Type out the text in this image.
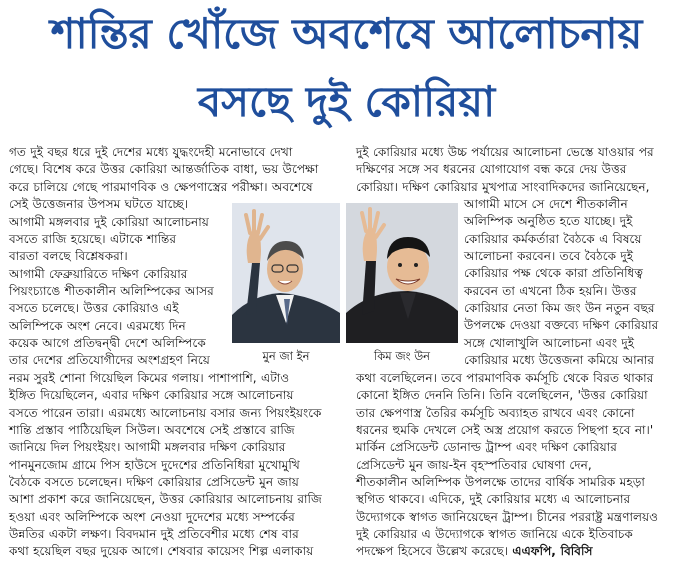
শান্তির খোঁজে অবশেষে আলোচনায়
বসছে দুই কোরিয়া

গত দুই বছর ধরে দুই দেশের মধ্যে যুদ্ধংদেহী মনোভাবে দেখা

গেছে। বিশেষ করে উত্তর কোরিয়া আন্তর্জাতিক বাধা, ভয় উপেক্ষা

করে চালিয়ে গেছে পারমাণবিক ও ক্ষেপণাস্ত্রের পরীক্ষা। অবশেষে

সেই উত্তেজনার উপসম ঘটতে যাচ্ছে।

আগামী মঙ্গলবার দুই কোরিয়া আলোচনায়

বসতে রাজি হয়েছে। এটাকে শান্তির

বারতা বলছে বিশ্লেষকরা।

আগামী ফেব্রুয়ারিতে দক্ষিণ কোরিয়ার

পিয়ংচ্যাঙে শীতকালীন অলিম্পিকের আসর

বসতে চলেছে। উত্তর কোরিয়াও এই

অলিম্পিকে অংশ নেবে। এরমধ্যে দিন

কয়েক আগে প্রতিদ্বন্দ্বী দেশে অলিম্পিকে

তার দেশের প্রতিযোগীদের অংশগ্রহণ নিয়ে

নরম সুরই শোনা গিয়েছিল কিমের গলায়। পাশাপাশি, এটাও

ইঙ্গিত দিয়েছিলেন, এবার দক্ষিণ কোরিয়ার সঙ্গে আলোচনায়

বসতে পারেন তারা। এরমধ্যে আলোচনায় বসার জন্য পিয়ংইয়ংকে

শান্তি প্রস্তাব পাঠিয়েছিল সিউল। অবশেষে সেই প্রস্তাবে রাজি

জানিয়ে দিল পিয়ংইয়ং। আগামী মঙ্গলবার দক্ষিণ কোরিয়ার

পানমুনজোম গ্রামে পিস হাউসে দুদেশের প্রতিনিধিরা মুখোমুখি

বৈঠকে বসতে চলেছেন। দক্ষিণ কোরিয়ার প্রেসিডেন্ট মুন জায়

আশা প্রকাশ করে জানিয়েছেন, উত্তর কোরিয়ার আলোচনায় রাজি

হওয়া এবং অলিম্পিকে অংশ নেওয়া দুদেশের মধ্যে সম্পর্কের

উন্নতির একটা লক্ষণ। বিবদমান দুই প্রতিবেশীর মধ্যে শেষ বার

কথা হয়েছিল বছর দুয়েক আগে। শেষবার কায়েসং শিল্প এলাকায়

মুন জা ইন	কিম জং উন

দুই কোরিয়ার মধ্যে উচ্চ পর্যায়ের আলোচনা ভেস্তে যাওয়ার পর

দক্ষিণের সঙ্গে সব ধরনের যোগাযোগ বন্ধ করে দেয় উত্তর

কোরিয়া। দক্ষিণ কোরিয়ার মুখপাত্র সাংবাদিকদের জানিয়েছেন,

আগামী মাসে সে দেশে শীতকালীন

অলিম্পিক অনুষ্ঠিত হতে যাচ্ছে। দুই

কোরিয়ার কর্মকর্তারা বৈঠকে এ বিষয়ে

আলোচনা করবেন। তবে বৈঠকে দুই

কোরিয়ার পক্ষ থেকে কারা প্রতিনিধিত্ব

করবেন তা এখনো ঠিক হয়নি। উত্তর

কোরিয়ার নেতা কিম জং উন নতুন বছর

উপলক্ষে দেওয়া বক্তব্যে দক্ষিণ কোরিয়ার

সঙ্গে খোলাখুলি আলোচনা এবং দুই

কোরিয়ার মধ্যে উত্তেজনা কমিয়ে আনার

কথা বলেছিলেন। তবে পারমাণবিক কর্মসূচি থেকে বিরত থাকার

কোনো ইঙ্গিত দেননি তিনি। তিনি বলেছিলেন, 'উত্তর কোরিয়া

তার ক্ষেপণাস্ত্র তৈরির কর্মসূচি অব্যাহত রাখবে এবং কোনো

ধরনের হুমকি দেখলে সেই অস্ত্র প্রয়োগ করতে পিছপা হবে না।'

মার্কিন প্রেসিডেন্ট ডোনাল্ড ট্রাম্প এবং দক্ষিণ কোরিয়ার

প্রেসিডেন্ট মুন জায়-ইন বৃহস্পতিবার ঘোষণা দেন,

শীতকালীন অলিম্পিক উপলক্ষে তাদের বার্ষিক সামরিক মহড়া

স্থগিত থাকবে। এদিকে, দুই কোরিয়ার মধ্যে এ আলোচনার

উদ্যোগকে স্বাগত জানিয়েছেন ট্রাম্প। চীনের পররাষ্ট্র মন্ত্রণালয়ও

দুই কোরিয়ার এ উদ্যোগকে স্বাগত জানিয়ে একে ইতিবাচক

পদক্ষেপ হিসেবে উল্লেখ করেছে। এএফপি, বিবিসি
